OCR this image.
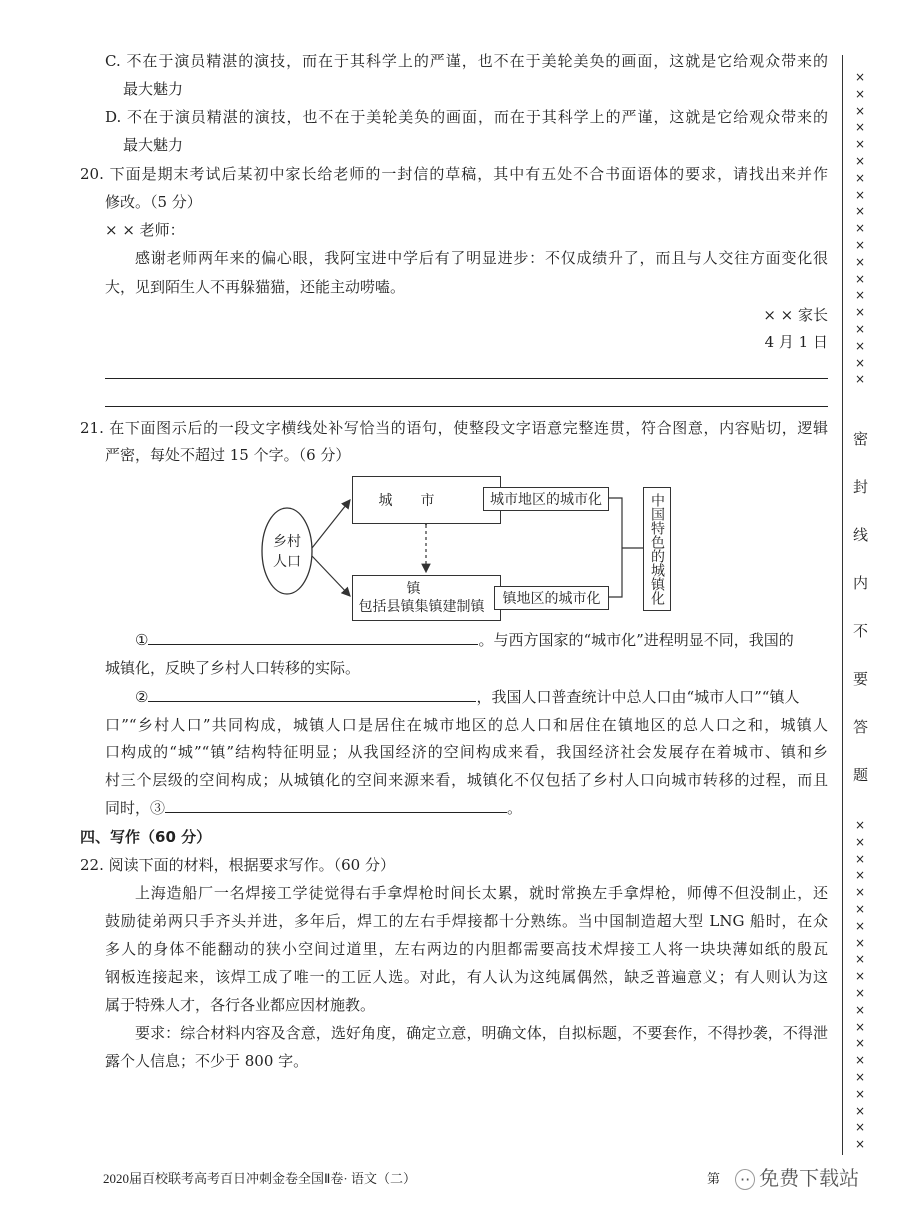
×
×
×
×
×
×
×
×
×
×
×
×
×
×
×
×
×
×
×
×
×
×
×
×
×
×
×
×
×
×
×
×
×
×
×
×
×
×
×
密
封
线
内
不
要
答
题
C. 不在于演员精湛的演技，而在于其科学上的严谨，也不在于美轮美奂的画面，这就是它给观众带来的
最大魅力
D. 不在于演员精湛的演技，也不在于美轮美奂的画面，而在于其科学上的严谨，这就是它给观众带来的
最大魅力
20. 下面是期末考试后某初中家长给老师的一封信的草稿，其中有五处不合书面语体的要求，请找出来并作
修改。（5 分）
× × 老师：
感谢老师两年来的偏心眼，我阿宝进中学后有了明显进步：不仅成绩升了，而且与人交往方面变化很
大，见到陌生人不再躲猫猫，还能主动唠嗑。
× × 家长
4 月 1 日
21. 在下面图示后的一段文字横线处补写恰当的语句，使整段文字语意完整连贯，符合图意，内容贴切，逻辑
严密，每处不超过 15 个字。（6 分）
乡村人口
城　　市	城市地区的城市化
镇
包括县镇集镇建制镇	镇地区的城市化	中国特色的城镇化
①	。与西方国家的“城市化”进程明显不同，我国的
城镇化，反映了乡村人口转移的实际。
②	，我国人口普查统计中总人口由“城市人口”“镇人
口”“乡村人口”共同构成，城镇人口是居住在城市地区的总人口和居住在镇地区的总人口之和，城镇人
口构成的“城”“镇”结构特征明显；从我国经济的空间构成来看，我国经济社会发展存在着城市、镇和乡
村三个层级的空间构成；从城镇化的空间来源来看，城镇化不仅包括了乡村人口向城市转移的过程，而且
同时，③	。
四、写作（60 分）
22. 阅读下面的材料，根据要求写作。（60 分）
上海造船厂一名焊接工学徒觉得右手拿焊枪时间长太累，就时常换左手拿焊枪，师傅不但没制止，还
鼓励徒弟两只手齐头并进，多年后，焊工的左右手焊接都十分熟练。当中国制造超大型 LNG 船时，在众
多人的身体不能翻动的狭小空间过道里，左右两边的内胆都需要高技术焊接工人将一块块薄如纸的殷瓦
钢板连接起来，该焊工成了唯一的工匠人选。对此，有人认为这纯属偶然，缺乏普遍意义；有人则认为这
属于特殊人才，各行各业都应因材施教。
要求：综合材料内容及含意，选好角度，确定立意，明确文体，自拟标题，不要套作，不得抄袭，不得泄
露个人信息；不少于 800 字。
2020届百校联考高考百日冲刺金卷全国Ⅱ卷· 语文（二）	第	·· 免费下载站
